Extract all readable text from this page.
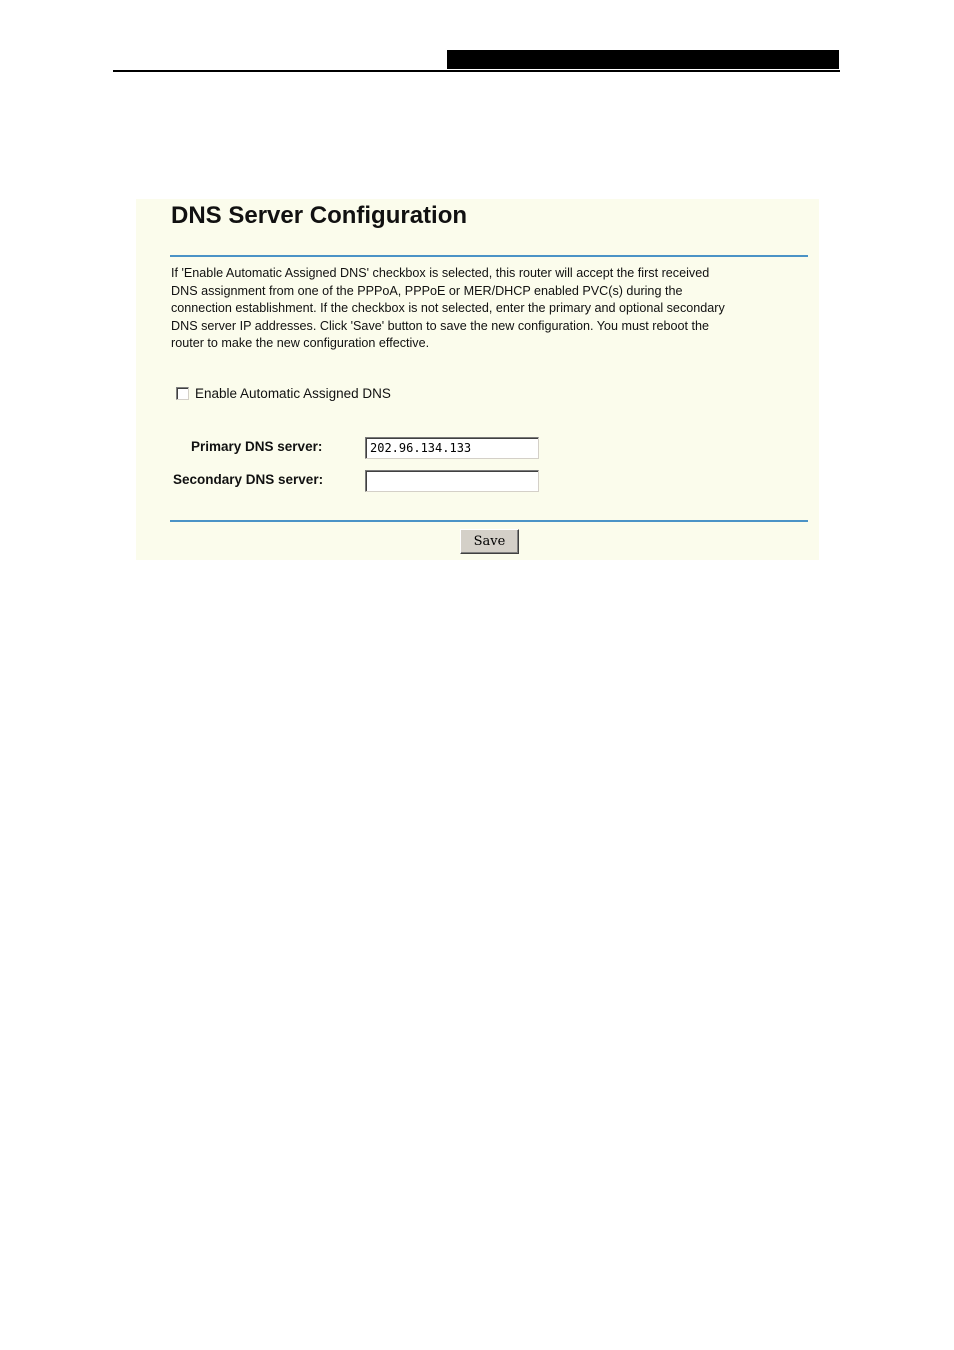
DNS Server Configuration
If 'Enable Automatic Assigned DNS' checkbox is selected, this router will accept the first received
DNS assignment from one of the PPPoA, PPPoE or MER/DHCP enabled PVC(s) during the
connection establishment. If the checkbox is not selected, enter the primary and optional secondary
DNS server IP addresses. Click 'Save' button to save the new configuration. You must reboot the
router to make the new configuration effective.
Enable Automatic Assigned DNS
Primary DNS server:
202.96.134.133
Secondary DNS server:
Save
